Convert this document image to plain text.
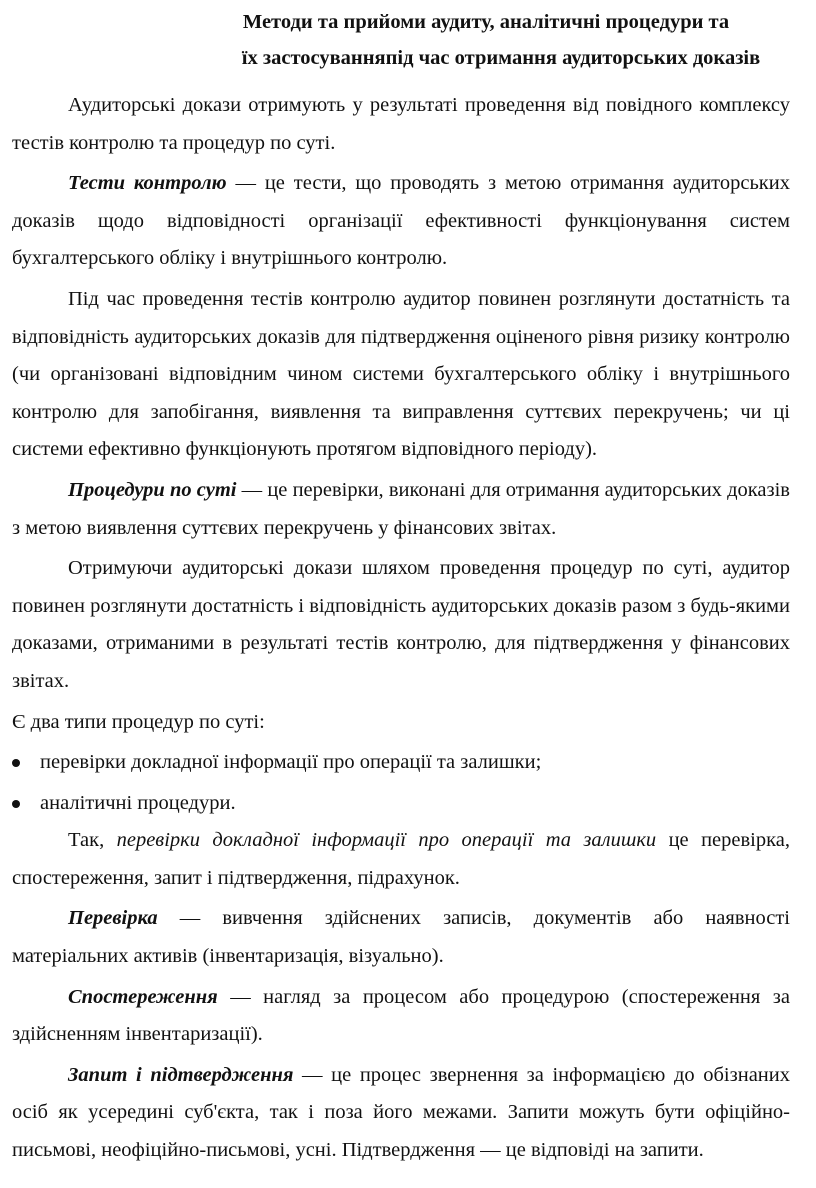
Методи та прийоми аудиту, аналітичні процедури та

їх застосуванняпід час отримання аудиторських доказів

Аудиторські докази отримують у результаті проведення від повідного комплексу тестів контролю та процедур по суті.

Тести контролю — це тести, що проводять з метою отримання аудиторських доказів щодо відповідності організації ефективності функціонування систем бухгалтерського обліку і внутрішнього контролю.

Під час проведення тестів контролю аудитор повинен розглянути достатність та відповідність аудиторських доказів для підтвердження оціненого рівня ризику контролю (чи організовані відповідним чином системи бухгалтерського обліку і внутрішнього контролю для запобігання, виявлення та виправлення суттєвих перекручень; чи ці системи ефективно функціонують протягом відповідного періоду).

Процедури по суті — це перевірки, виконані для отримання аудиторських доказів з метою виявлення суттєвих перекручень у фінансових звітах.

Отримуючи аудиторські докази шляхом проведення процедур по суті, аудитор повинен розглянути достатність і відповідність аудиторських доказів разом з будь-якими доказами, отриманими в результаті тестів контролю, для підтвердження у фінансових звітах.

Є два типи процедур по суті:

перевірки докладної інформації про операції та залишки;
аналітичні процедури.

Так, перевірки докладної інформації про операції та залишки це перевірка, спостереження, запит і підтвердження, підрахунок.

Перевірка — вивчення здійснених записів, документів або наявності матеріальних активів (інвентаризація, візуально).

Спостереження — нагляд за процесом або процедурою (спостереження за здійсненням інвентаризації).

Запит і підтвердження — це процес звернення за інформацією до обізнаних осіб як усередині суб'єкта, так і поза його межами. Запити можуть бути офіційно-письмові, неофіційно-письмові, усні. Підтвердження — це відповіді на запити.
